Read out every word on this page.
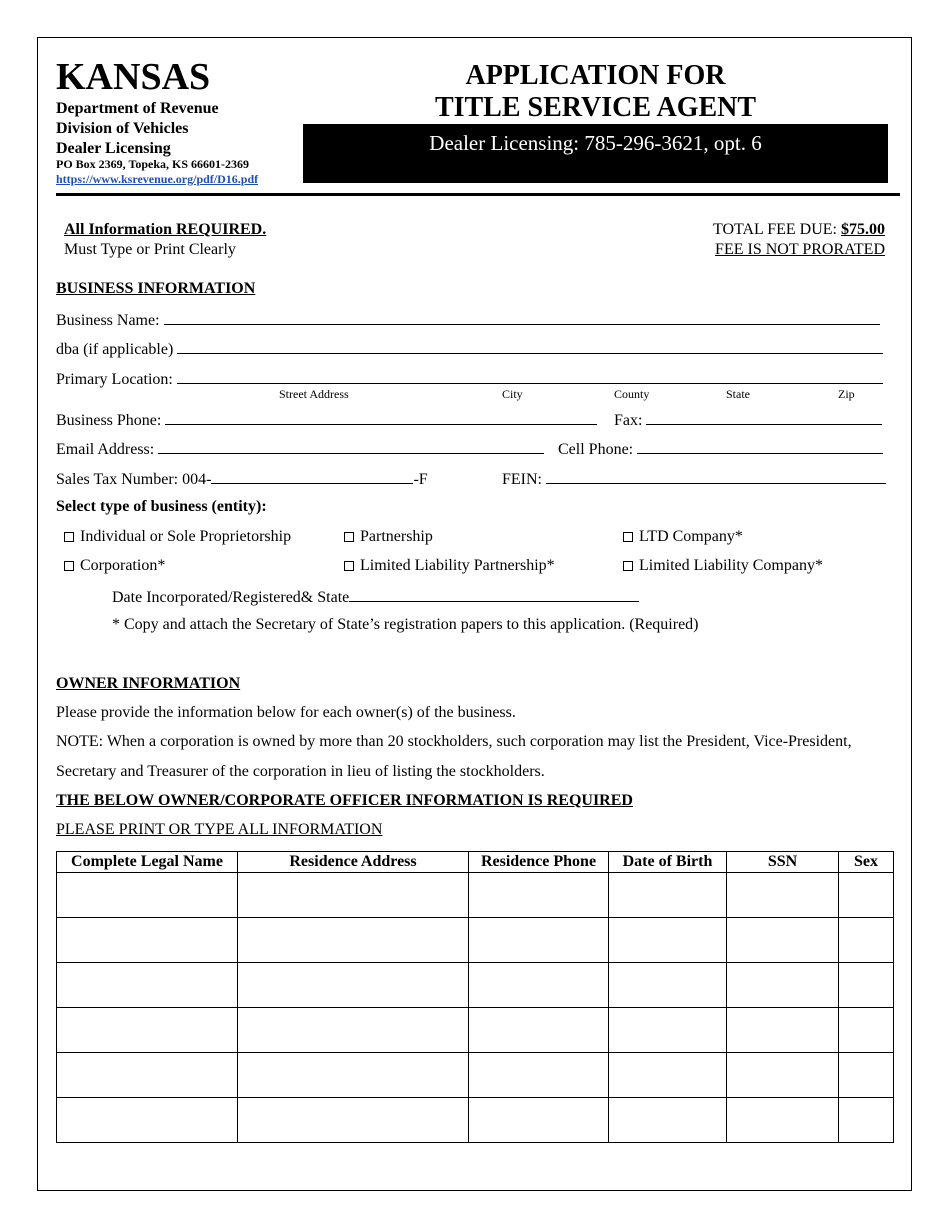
KANSAS
Department of Revenue
Division of Vehicles
Dealer Licensing
PO Box 2369, Topeka, KS 66601-2369
https://www.ksrevenue.org/pdf/D16.pdf
APPLICATION FOR
TITLE SERVICE AGENT
Dealer Licensing: 785-296-3621, opt. 6
All Information REQUIRED.
Must Type or Print Clearly
TOTAL FEE DUE: $75.00
FEE IS NOT PRORATED
BUSINESS INFORMATION
Business Name:
dba (if applicable)
Primary Location:
Street Address	City	County	State	Zip
Business Phone:	Fax:
Email Address:	Cell Phone:
Sales Tax Number: 004-	-F	FEIN:
Select type of business (entity):
Individual or Sole Proprietorship	Partnership	LTD Company*
Corporation*	Limited Liability Partnership*	Limited Liability Company*
Date Incorporated/Registered& State
* Copy and attach the Secretary of State’s registration papers to this application. (Required)
OWNER INFORMATION
Please provide the information below for each owner(s) of the business.
NOTE: When a corporation is owned by more than 20 stockholders, such corporation may list the President, Vice-President,
Secretary and Treasurer of the corporation in lieu of listing the stockholders.
THE BELOW OWNER/CORPORATE OFFICER INFORMATION IS REQUIRED
PLEASE PRINT OR TYPE ALL INFORMATION
Complete Legal Name	Residence Address	Residence Phone	Date of Birth	SSN	Sex
